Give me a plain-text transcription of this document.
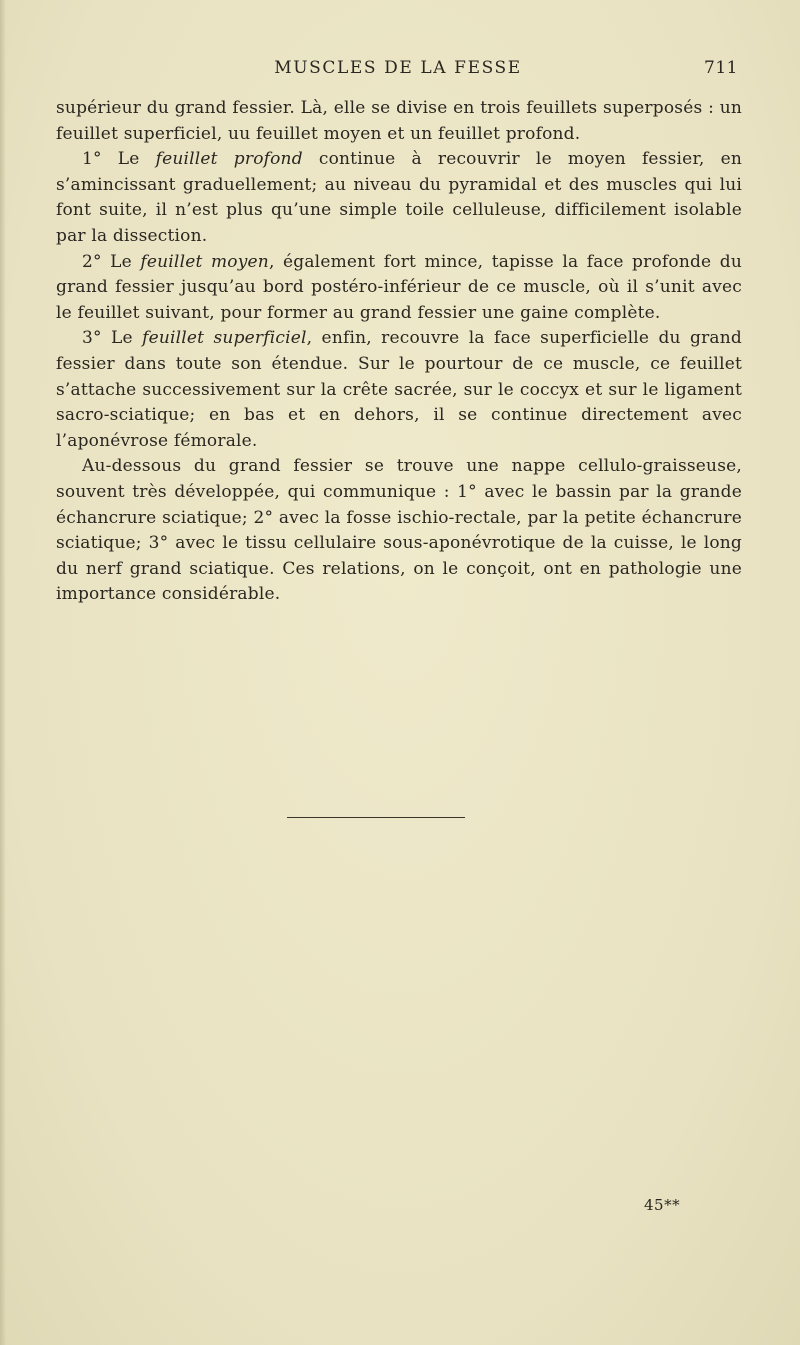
MUSCLES DE LA FESSE	711

supérieur du grand fessier. Là, elle se divise en trois feuillets superposés : un feuillet superficiel, uu feuillet moyen et un feuillet profond.

1° Le feuillet profond continue à recouvrir le moyen fessier, en s’amincissant graduellement; au niveau du pyramidal et des muscles qui lui font suite, il n’est plus qu’une simple toile celluleuse, difficilement isolable par la dissection.

2° Le feuillet moyen, également fort mince, tapisse la face profonde du grand fessier jusqu’au bord postéro-inférieur de ce muscle, où il s’unit avec le feuillet suivant, pour former au grand fessier une gaine complète.

3° Le feuillet superficiel, enfin, recouvre la face superficielle du grand fessier dans toute son étendue. Sur le pourtour de ce muscle, ce feuillet s’attache successivement sur la crête sacrée, sur le coccyx et sur le ligament sacro-sciatique; en bas et en dehors, il se continue directement avec l’aponévrose fémorale.

Au-dessous du grand fessier se trouve une nappe cellulo-graisseuse, souvent très développée, qui communique : 1° avec le bassin par la grande échancrure sciatique; 2° avec la fosse ischio-rectale, par la petite échancrure sciatique; 3° avec le tissu cellulaire sous-aponévrotique de la cuisse, le long du nerf grand sciatique. Ces relations, on le conçoit, ont en pathologie une importance considérable.

45**
